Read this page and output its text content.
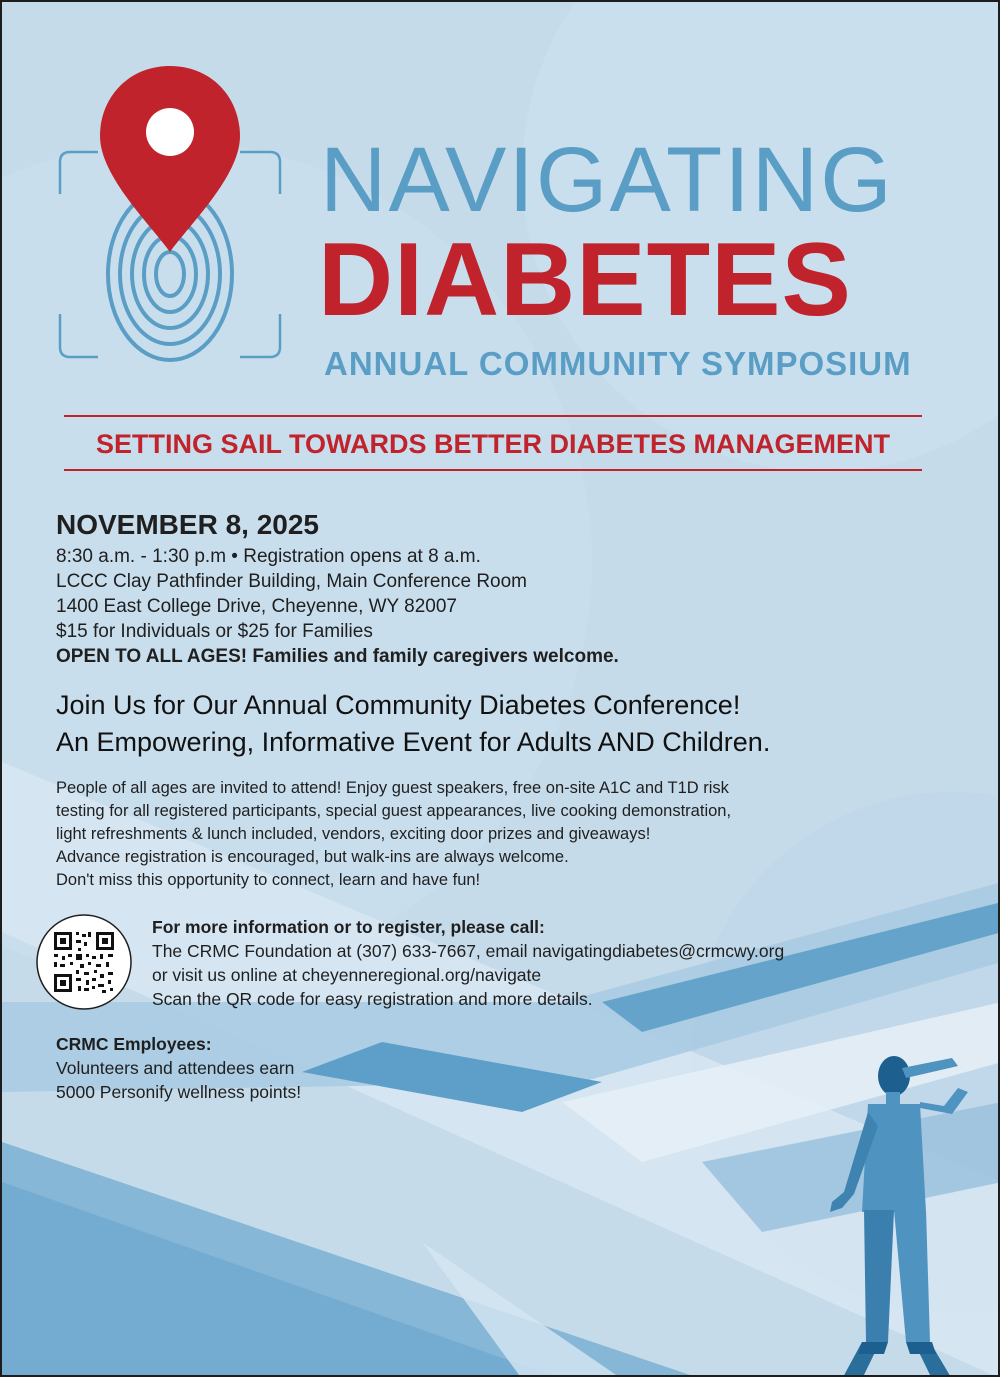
NAVIGATING
DIABETES
ANNUAL COMMUNITY SYMPOSIUM
SETTING SAIL TOWARDS BETTER DIABETES MANAGEMENT
NOVEMBER 8, 2025
8:30 a.m. - 1:30 p.m • Registration opens at 8 a.m.
LCCC Clay Pathfinder Building, Main Conference Room
1400 East College Drive, Cheyenne, WY 82007
$15 for Individuals or $25 for Families
OPEN TO ALL AGES! Families and family caregivers welcome.
Join Us for Our Annual Community Diabetes Conference!
An Empowering, Informative Event for Adults AND Children.
People of all ages are invited to attend! Enjoy guest speakers, free on-site A1C and T1D risk
testing for all registered participants, special guest appearances, live cooking demonstration,
light refreshments & lunch included, vendors, exciting door prizes and giveaways!
Advance registration is encouraged, but walk-ins are always welcome.
Don't miss this opportunity to connect, learn and have fun!
For more information or to register, please call:
The CRMC Foundation at (307) 633-7667, email navigatingdiabetes@crmcwy.org
or visit us online at cheyenneregional.org/navigate
Scan the QR code for easy registration and more details.
CRMC Employees:
Volunteers and attendees earn
5000 Personify wellness points!
